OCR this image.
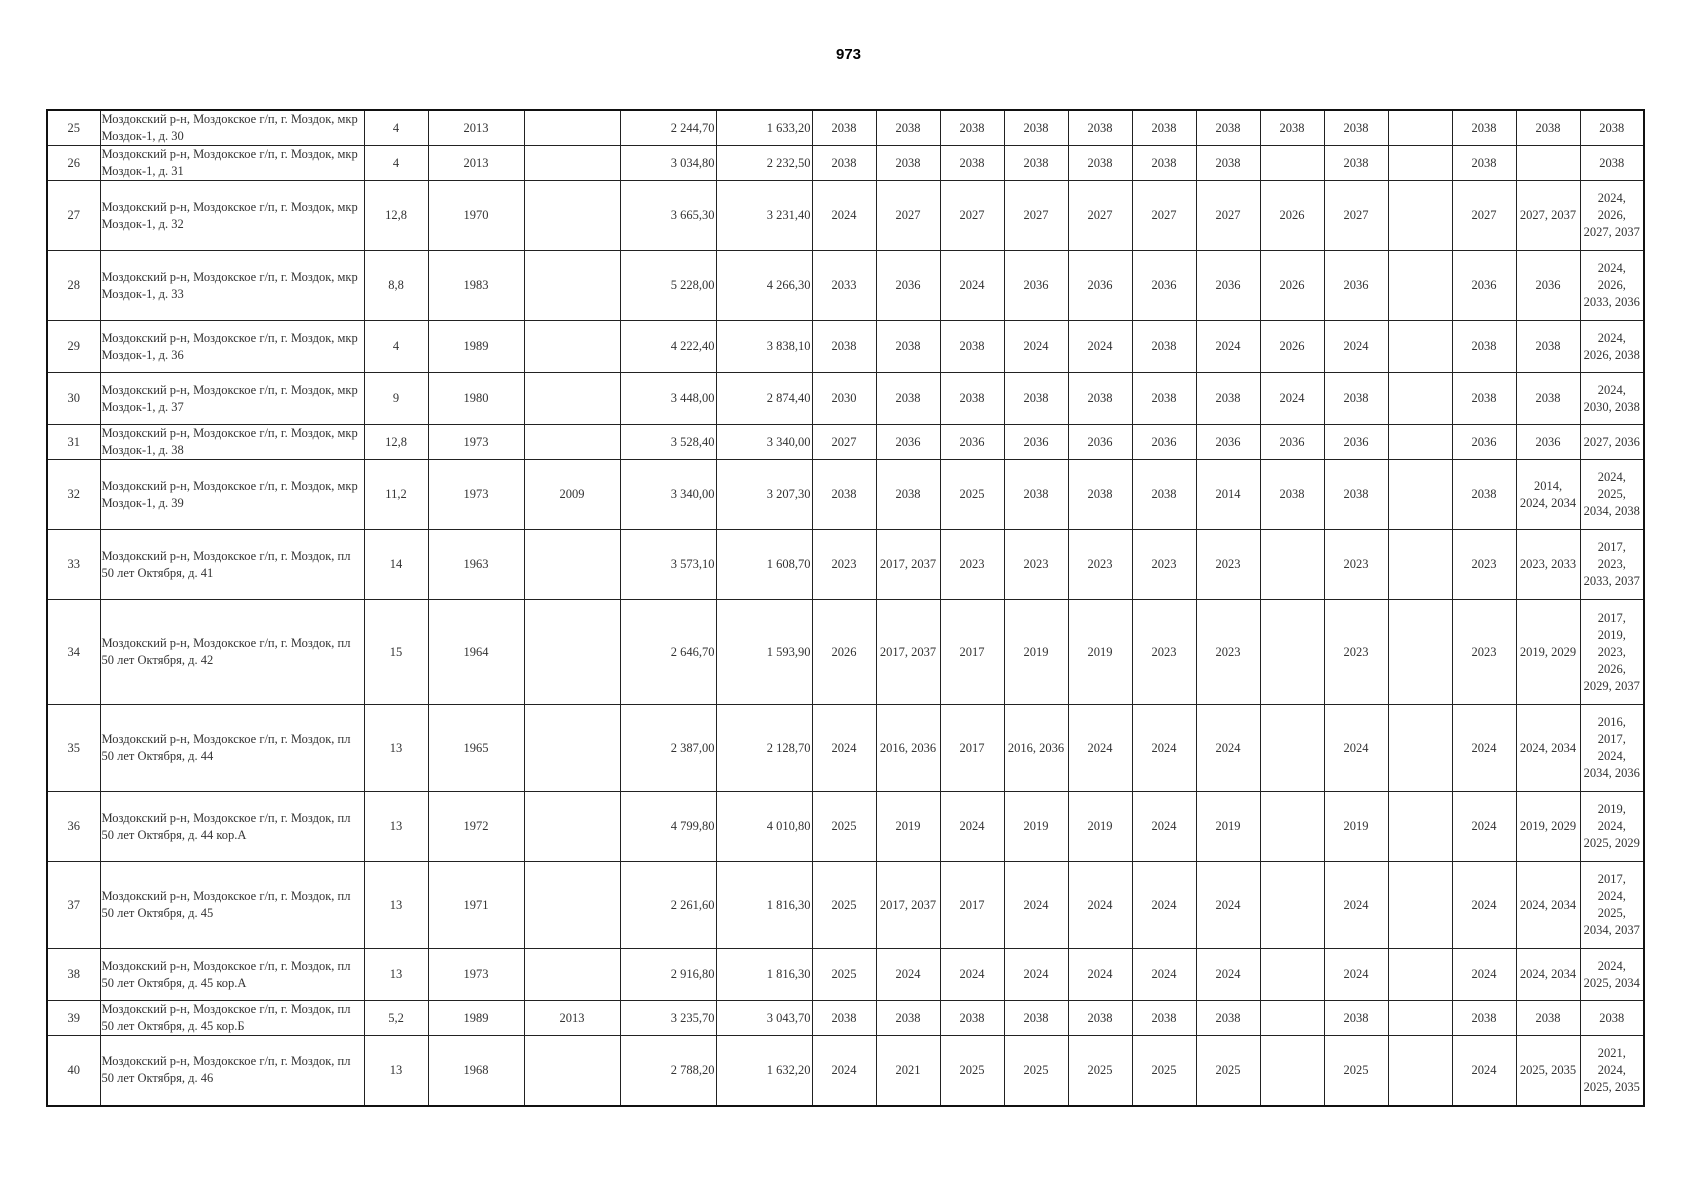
973
25	Моздокский р-н, Моздокское г/п, г. Моздок, мкр Моздок-1, д. 30	4	2013		2 244,70	1 633,20	2038	2038	2038	2038	2038	2038	2038	2038	2038		2038	2038	2038
26	Моздокский р-н, Моздокское г/п, г. Моздок, мкр Моздок-1, д. 31	4	2013		3 034,80	2 232,50	2038	2038	2038	2038	2038	2038	2038		2038		2038		2038
27	Моздокский р-н, Моздокское г/п, г. Моздок, мкр Моздок-1, д. 32	12,8	1970		3 665,30	3 231,40	2024	2027	2027	2027	2027	2027	2027	2026	2027		2027	2027, 2037	2024, 2026, 2027, 2037
28	Моздокский р-н, Моздокское г/п, г. Моздок, мкр Моздок-1, д. 33	8,8	1983		5 228,00	4 266,30	2033	2036	2024	2036	2036	2036	2036	2026	2036		2036	2036	2024, 2026, 2033, 2036
29	Моздокский р-н, Моздокское г/п, г. Моздок, мкр Моздок-1, д. 36	4	1989		4 222,40	3 838,10	2038	2038	2038	2024	2024	2038	2024	2026	2024		2038	2038	2024, 2026, 2038
30	Моздокский р-н, Моздокское г/п, г. Моздок, мкр Моздок-1, д. 37	9	1980		3 448,00	2 874,40	2030	2038	2038	2038	2038	2038	2038	2024	2038		2038	2038	2024, 2030, 2038
31	Моздокский р-н, Моздокское г/п, г. Моздок, мкр Моздок-1, д. 38	12,8	1973		3 528,40	3 340,00	2027	2036	2036	2036	2036	2036	2036	2036	2036		2036	2036	2027, 2036
32	Моздокский р-н, Моздокское г/п, г. Моздок, мкр Моздок-1, д. 39	11,2	1973	2009	3 340,00	3 207,30	2038	2038	2025	2038	2038	2038	2014	2038	2038		2038	2014, 2024, 2034	2024, 2025, 2034, 2038
33	Моздокский р-н, Моздокское г/п, г. Моздок, пл 50 лет Октября, д. 41	14	1963		3 573,10	1 608,70	2023	2017, 2037	2023	2023	2023	2023	2023		2023		2023	2023, 2033	2017, 2023, 2033, 2037
34	Моздокский р-н, Моздокское г/п, г. Моздок, пл 50 лет Октября, д. 42	15	1964		2 646,70	1 593,90	2026	2017, 2037	2017	2019	2019	2023	2023		2023		2023	2019, 2029	2017, 2019, 2023, 2026, 2029, 2037
35	Моздокский р-н, Моздокское г/п, г. Моздок, пл 50 лет Октября, д. 44	13	1965		2 387,00	2 128,70	2024	2016, 2036	2017	2016, 2036	2024	2024	2024		2024		2024	2024, 2034	2016, 2017, 2024, 2034, 2036
36	Моздокский р-н, Моздокское г/п, г. Моздок, пл 50 лет Октября, д. 44 кор.А	13	1972		4 799,80	4 010,80	2025	2019	2024	2019	2019	2024	2019		2019		2024	2019, 2029	2019, 2024, 2025, 2029
37	Моздокский р-н, Моздокское г/п, г. Моздок, пл 50 лет Октября, д. 45	13	1971		2 261,60	1 816,30	2025	2017, 2037	2017	2024	2024	2024	2024		2024		2024	2024, 2034	2017, 2024, 2025, 2034, 2037
38	Моздокский р-н, Моздокское г/п, г. Моздок, пл 50 лет Октября, д. 45 кор.А	13	1973		2 916,80	1 816,30	2025	2024	2024	2024	2024	2024	2024		2024		2024	2024, 2034	2024, 2025, 2034
39	Моздокский р-н, Моздокское г/п, г. Моздок, пл 50 лет Октября, д. 45 кор.Б	5,2	1989	2013	3 235,70	3 043,70	2038	2038	2038	2038	2038	2038	2038		2038		2038	2038	2038
40	Моздокский р-н, Моздокское г/п, г. Моздок, пл 50 лет Октября, д. 46	13	1968		2 788,20	1 632,20	2024	2021	2025	2025	2025	2025	2025		2025		2024	2025, 2035	2021, 2024, 2025, 2035
